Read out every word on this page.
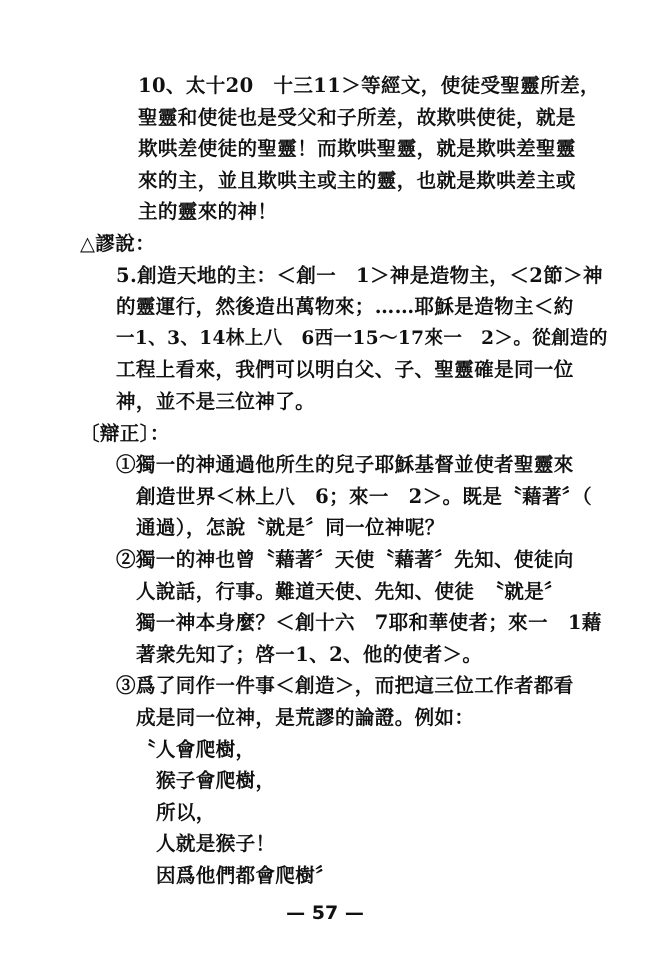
10、太十20　十三11＞等經文，使徒受聖靈所差，
聖靈和使徒也是受父和子所差，故欺哄使徒，就是
欺哄差使徒的聖靈！而欺哄聖靈，就是欺哄差聖靈
來的主，並且欺哄主或主的靈，也就是欺哄差主或
主的靈來的神！
△謬說：
5.創造天地的主：＜創一　1＞神是造物主，＜2節＞神
的靈運行，然後造出萬物來；……耶穌是造物主＜約
一1、3、14林上八　6西一15～17來一　2＞。從創造的
工程上看來，我們可以明白父、子、聖靈確是同一位
神，並不是三位神了。
〔辯正〕：
①獨一的神通過他所生的兒子耶穌基督並使者聖靈來
創造世界＜林上八　6；來一　2＞。既是〝藉著〞（
通過），怎說〝就是〞同一位神呢？
②獨一的神也曾〝藉著〞天使〝藉著〞先知、使徒向
人說話，行事。難道天使、先知、使徒　〝就是〞
獨一神本身麼？＜創十六　7耶和華使者；來一　1藉
著衆先知了；啓一1、2、他的使者＞。
③爲了同作一件事＜創造＞，而把這三位工作者都看
成是同一位神，是荒謬的論證。例如：
〝人會爬樹，
猴子會爬樹，
所以，
人就是猴子！
因爲他們都會爬樹〞
— 57 —
